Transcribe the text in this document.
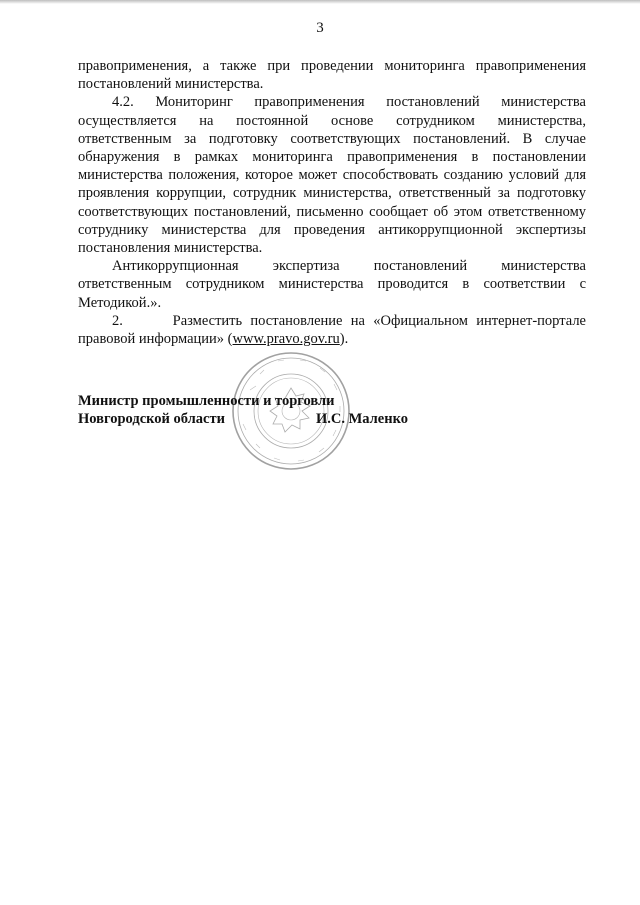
3

правоприменения, а также при проведении мониторинга правоприменения постановлений министерства.

4.2. Мониторинг правоприменения постановлений министерства осуществляется на постоянной основе сотрудником министерства, ответственным за подготовку соответствующих постановлений. В случае обнаружения в рамках мониторинга правоприменения в постановлении министерства положения, которое может способствовать созданию условий для проявления коррупции, сотрудник министерства, ответственный за подготовку соответствующих постановлений, письменно сообщает об этом ответственному сотруднику министерства для проведения антикоррупционной экспертизы постановления министерства.

Антикоррупционная экспертиза постановлений министерства ответственным сотрудником министерства проводится в соответствии с Методикой.».

2.      Разместить постановление на «Официальном интернет-портале правовой информации» (www.pravo.gov.ru).

Министр промышленности и торговли
Новгородской области	И.С. Маленко
